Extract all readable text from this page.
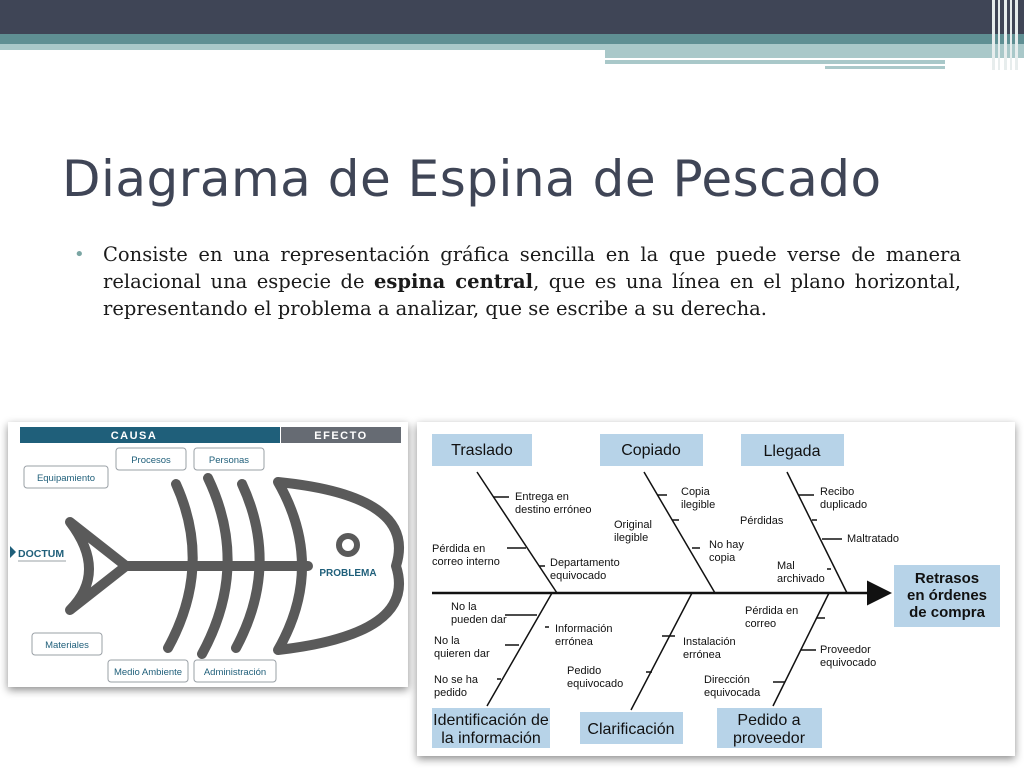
Diagrama de Espina de Pescado
• Consiste en una representación gráfica sencilla en la que puede verse de manera relacional una especie de espina central, que es una línea en el plano horizontal, representando el problema a analizar, que se escribe a su derecha.
CAUSA	EFECTO
PROBLEMA
Equipamiento
Procesos	Personas
Materiales
Medio Ambiente Administración
DOCTUM
Retrasos
en órdenes
de compra
Traslado	Copiado	Llegada
Identificación de
la información
Clarificación
Pedido a
proveedor
Entrega en
destino erróneo
Pérdida en
correo interno	Departamento
equivocado
Copia
ilegible
Original
ilegible
No hay
copia
Recibo
duplicado
Pérdidas
Maltratado
Mal
archivado
No la
pueden dar
No la
quieren dar
No se ha
pedido
Información
errónea
Pedido
equivocado
Instalación
errónea
Dirección
equivocada
Pérdida en
correo
Proveedor
equivocado
